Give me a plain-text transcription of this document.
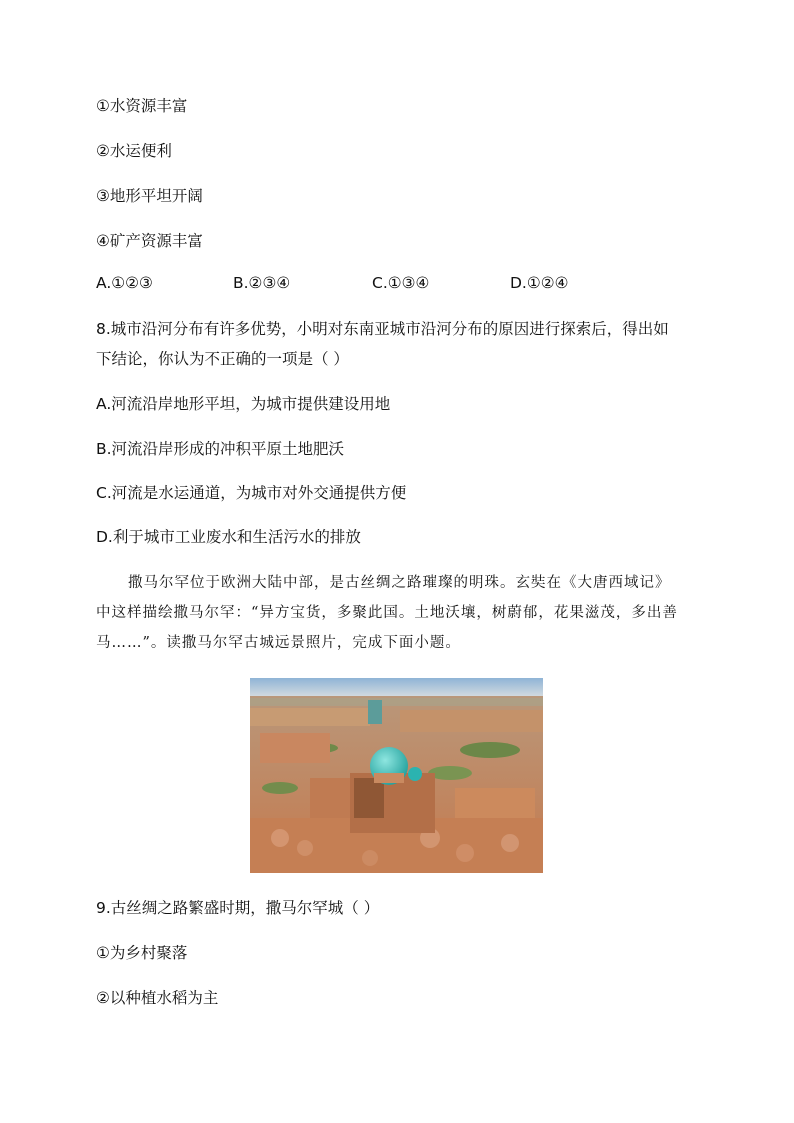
①水资源丰富
②水运便利
③地形平坦开阔
④矿产资源丰富
A.①②③	B.②③④	C.①③④	D.①②④
8.城市沿河分布有许多优势，小明对东南亚城市沿河分布的原因进行探索后，得出如
下结论，你认为不正确的一项是（ ）
A.河流沿岸地形平坦，为城市提供建设用地
B.河流沿岸形成的冲积平原土地肥沃
C.河流是水运通道，为城市对外交通提供方便
D.利于城市工业废水和生活污水的排放
撒马尔罕位于欧洲大陆中部，是古丝绸之路璀璨的明珠。玄奘在《大唐西域记》
中这样描绘撒马尔罕：“异方宝货，多聚此国。土地沃壤，树蔚郁，花果滋茂，多出善
马……”。读撒马尔罕古城远景照片，完成下面小题。
9.古丝绸之路繁盛时期，撒马尔罕城（ ）
①为乡村聚落
②以种植水稻为主
